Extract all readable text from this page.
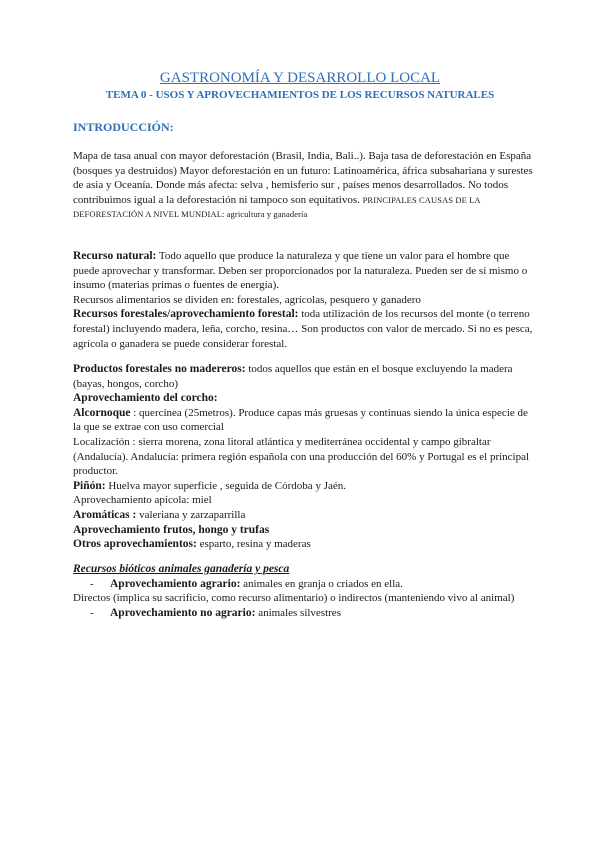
GASTRONOMÍA Y DESARROLLO LOCAL
TEMA 0 - USOS Y APROVECHAMIENTOS DE LOS RECURSOS NATURALES
INTRODUCCIÓN:

Mapa de tasa anual con mayor deforestación (Brasil, India, Bali..). Baja tasa de deforestación en España (bosques ya destruidos) Mayor deforestación en un futuro: Latinoamérica, áfrica subsahariana y surestes de asia y Oceanía. Donde más afecta: selva , hemisferio sur , países menos desarrollados. No todos contribuimos igual a la deforestación ni tampoco son equitativos. PRINCIPALES CAUSAS DE LA DEFORESTACIÓN A NIVEL MUNDIAL: agricultura y ganadería

Recurso natural: Todo aquello que produce la naturaleza y que tiene un valor para el hombre que puede aprovechar y transformar. Deben ser proporcionados por la naturaleza. Pueden ser de sí mismo o insumo (materias primas o fuentes de energía).

Recursos alimentarios se dividen en: forestales, agrícolas, pesquero y ganadero

Recursos forestales/aprovechamiento forestal: toda utilización de los recursos del monte (o terreno forestal) incluyendo madera, leña, corcho, resina… Son productos con valor de mercado. Si no es pesca, agrícola o ganadera se puede considerar forestal.

Productos forestales no madereros: todos aquellos que están en el bosque excluyendo la madera (bayas, hongos, corcho)

Aprovechamiento del corcho:

Alcornoque : quercínea (25metros). Produce capas más gruesas y continuas siendo la única especie de la que se extrae con uso comercial

Localización : sierra morena, zona litoral atlántica y mediterránea occidental y campo gibraltar (Andalucía). Andalucía: primera región española con una producción del 60% y Portugal es el principal productor.

Piñón: Huelva mayor superficie , seguida de Córdoba y Jaén.

Aprovechamiento apícola: miel

Aromáticas : valeriana y zarzaparrilla

Aprovechamiento frutos, hongo y trufas

Otros aprovechamientos: esparto, resina y maderas

Recursos bióticos animales ganadería y pesca

- Aprovechamiento agrario: animales en granja o criados en ella.

Directos (implica su sacrificio, como recurso alimentario) o indirectos (manteniendo vivo al animal)

- Aprovechamiento no agrario: animales silvestres
